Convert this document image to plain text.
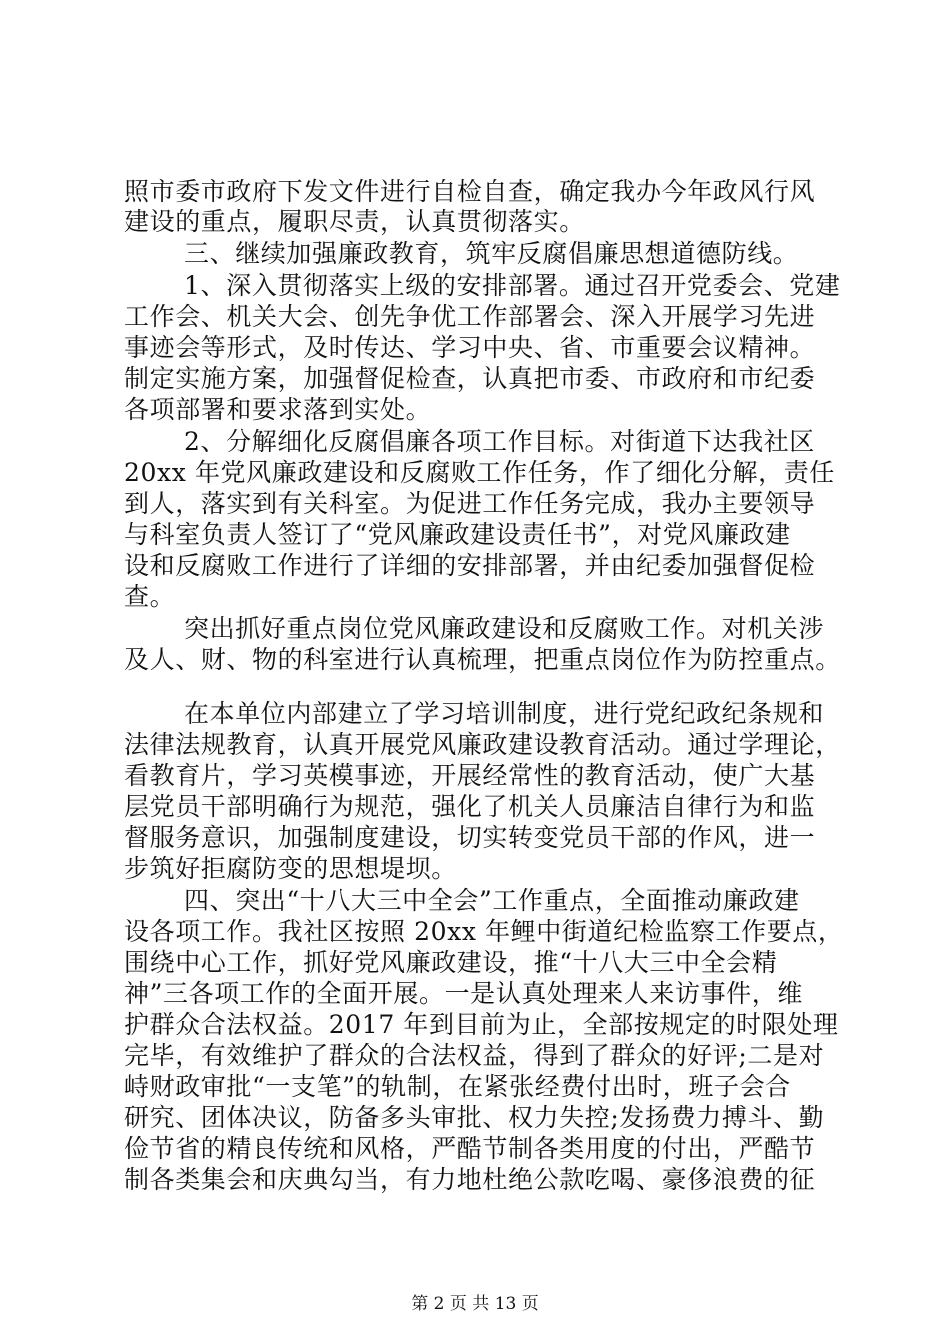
照市委市政府下发文件进行自检自查，确定我办今年政风行风
建设的重点，履职尽责，认真贯彻落实。
三、继续加强廉政教育，筑牢反腐倡廉思想道德防线。
1、深入贯彻落实上级的安排部署。通过召开党委会、党建
工作会、机关大会、创先争优工作部署会、深入开展学习先进
事迹会等形式，及时传达、学习中央、省、市重要会议精神。
制定实施方案，加强督促检查，认真把市委、市政府和市纪委
各项部署和要求落到实处。
2、分解细化反腐倡廉各项工作目标。对街道下达我社区
20xx 年党风廉政建设和反腐败工作任务，作了细化分解，责任
到人，落实到有关科室。为促进工作任务完成，我办主要领导
与科室负责人签订了“党风廉政建设责任书”，对党风廉政建
设和反腐败工作进行了详细的安排部署，并由纪委加强督促检
查。
突出抓好重点岗位党风廉政建设和反腐败工作。对机关涉
及人、财、物的科室进行认真梳理，把重点岗位作为防控重点。
在本单位内部建立了学习培训制度，进行党纪政纪条规和
法律法规教育，认真开展党风廉政建设教育活动。通过学理论，
看教育片，学习英模事迹，开展经常性的教育活动，使广大基
层党员干部明确行为规范，强化了机关人员廉洁自律行为和监
督服务意识，加强制度建设，切实转变党员干部的作风，进一
步筑好拒腐防变的思想堤坝。
四、突出“十八大三中全会”工作重点，全面推动廉政建
设各项工作。我社区按照 20xx 年鲤中街道纪检监察工作要点，
围绕中心工作，抓好党风廉政建设，推“十八大三中全会精
神”三各项工作的全面开展。一是认真处理来人来访事件，维
护群众合法权益。2017 年到目前为止，全部按规定的时限处理
完毕，有效维护了群众的合法权益，得到了群众的好评;二是对
峙财政审批“一支笔”的轨制，在紧张经费付出时，班子会合
研究、团体决议，防备多头审批、权力失控;发扬费力搏斗、勤
俭节省的精良传统和风格，严酷节制各类用度的付出，严酷节
制各类集会和庆典勾当，有力地杜绝公款吃喝、豪侈浪费的征
第 2 页 共 13 页
